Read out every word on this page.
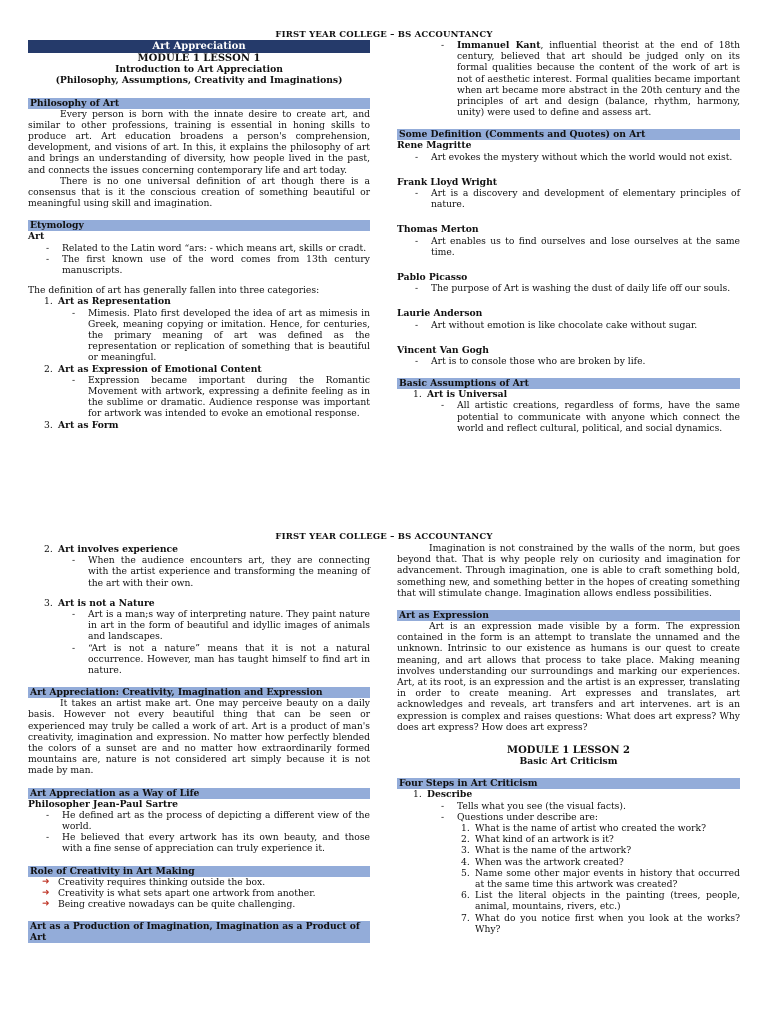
FIRST YEAR COLLEGE – BS ACCOUNTANCY
Art Appreciation
MODULE 1 LESSON 1
Introduction to Art Appreciation
(Philosophy, Assumptions, Creativity and Imaginations)
Philosophy of Art
Every person is born with the innate desire to create art, and similar to other professions, training is essential in honing skills to produce art. Art education broadens a person's comprehension, development, and visions of art. In this, it explains the philosophy of art and brings an understanding of diversity, how people lived in the past, and connects the issues concerning contemporary life and art today.
There is no one universal definition of art though there is a consensus that is it the conscious creation of something beautiful or meaningful using skill and imagination.
Etymology
Art
- Related to the Latin word “ars: - which means art, skills or cradt.
- The first known use of the word comes from 13th century manuscripts.
The definition of art has generally fallen into three categories:
1. Art as Representation
- Mimesis. Plato first developed the idea of art as mimesis in Greek, meaning copying or imitation. Hence, for centuries, the primary meaning of art was defined as the representation or replication of something that is beautiful or meaningful.
2. Art as Expression of Emotional Content
- Expression became important during the Romantic Movement with artwork, expressing a definite feeling as in the sublime or dramatic. Audience response was important for artwork was intended to evoke an emotional response.
3. Art as Form
- Immanuel Kant, influential theorist at the end of 18th century, believed that art should be judged only on its formal qualities because the content of the work of art is not of aesthetic interest. Formal qualities became important when art became more abstract in the 20th century and the principles of art and design (balance, rhythm, harmony, unity) were used to define and assess art.
Some Definition (Comments and Quotes) on Art
Rene Magritte
- Art evokes the mystery without which the world would not exist.
Frank Lloyd Wright
- Art is a discovery and development of elementary principles of nature.
Thomas Merton
- Art enables us to find ourselves and lose ourselves at the same time.
Pablo Picasso
- The purpose of Art is washing the dust of daily life off our souls.
Laurie Anderson
- Art without emotion is like chocolate cake without sugar.
Vincent Van Gogh
- Art is to console those who are broken by life.
Basic Assumptions of Art
1. Art is Universal
- All artistic creations, regardless of forms, have the same potential to communicate with anyone which connect the world and reflect cultural, political, and social dynamics.
FIRST YEAR COLLEGE – BS ACCOUNTANCY
2. Art involves experience
- When the audience encounters art, they are connecting with the artist experience and transforming the meaning of the art with their own.
3. Art is not a Nature
- Art is a man;s way of interpreting nature. They paint nature in art in the form of beautiful and idyllic images of animals and landscapes.
- “Art is not a nature” means that it is not a natural occurrence. However, man has taught himself to find art in nature.
Art Appreciation: Creativity, Imagination and Expression
It takes an artist make art. One may perceive beauty on a daily basis. However not every beautiful thing that can be seen or experienced may truly be called a work of art. Art is a product of man's creativity, imagination and expression. No matter how perfectly blended the colors of a sunset are and no matter how extraordinarily formed mountains are, nature is not considered art simply because it is not made by man.
Art Appreciation as a Way of Life
Philosopher Jean-Paul Sartre
- He defined art as the process of depicting a different view of the world.
- He believed that every artwork has its own beauty, and those with a fine sense of appreciation can truly experience it.
Role of Creativity in Art Making
➜ Creativity requires thinking outside the box.
➜ Creativity is what sets apart one artwork from another.
➜ Being creative nowadays can be quite challenging.
Art as a Production of Imagination, Imagination as a Product of Art
Imagination is not constrained by the walls of the norm, but goes beyond that. That is why people rely on curiosity and imagination for advancement. Through imagination, one is able to craft something bold, something new, and something better in the hopes of creating something that will stimulate change. Imagination allows endless possibilities.
Art as Expression
Art is an expression made visible by a form. The expression contained in the form is an attempt to translate the unnamed and the unknown. Intrinsic to our existence as humans is our quest to create meaning, and art allows that process to take place. Making meaning involves understanding our surroundings and marking our experiences. Art, at its root, is an expression and the artist is an expresser, translating in order to create meaning. Art expresses and translates, art acknowledges and reveals, art transfers and art intervenes. art is an expression is complex and raises questions: What does art express? Why does art express? How does art express?
MODULE 1 LESSON 2
Basic Art Criticism
Four Steps in Art Criticism
1. Describe
- Tells what you see (the visual facts).
- Questions under describe are:
1. What is the name of artist who created the work?
2. What kind of an artwork is it?
3. What is the name of the artwork?
4. When was the artwork created?
5. Name some other major events in history that occurred at the same time this artwork was created?
6. List the literal objects in the painting (trees, people, animal, mountains, rivers, etc.)
7. What do you notice first when you look at the works? Why?
